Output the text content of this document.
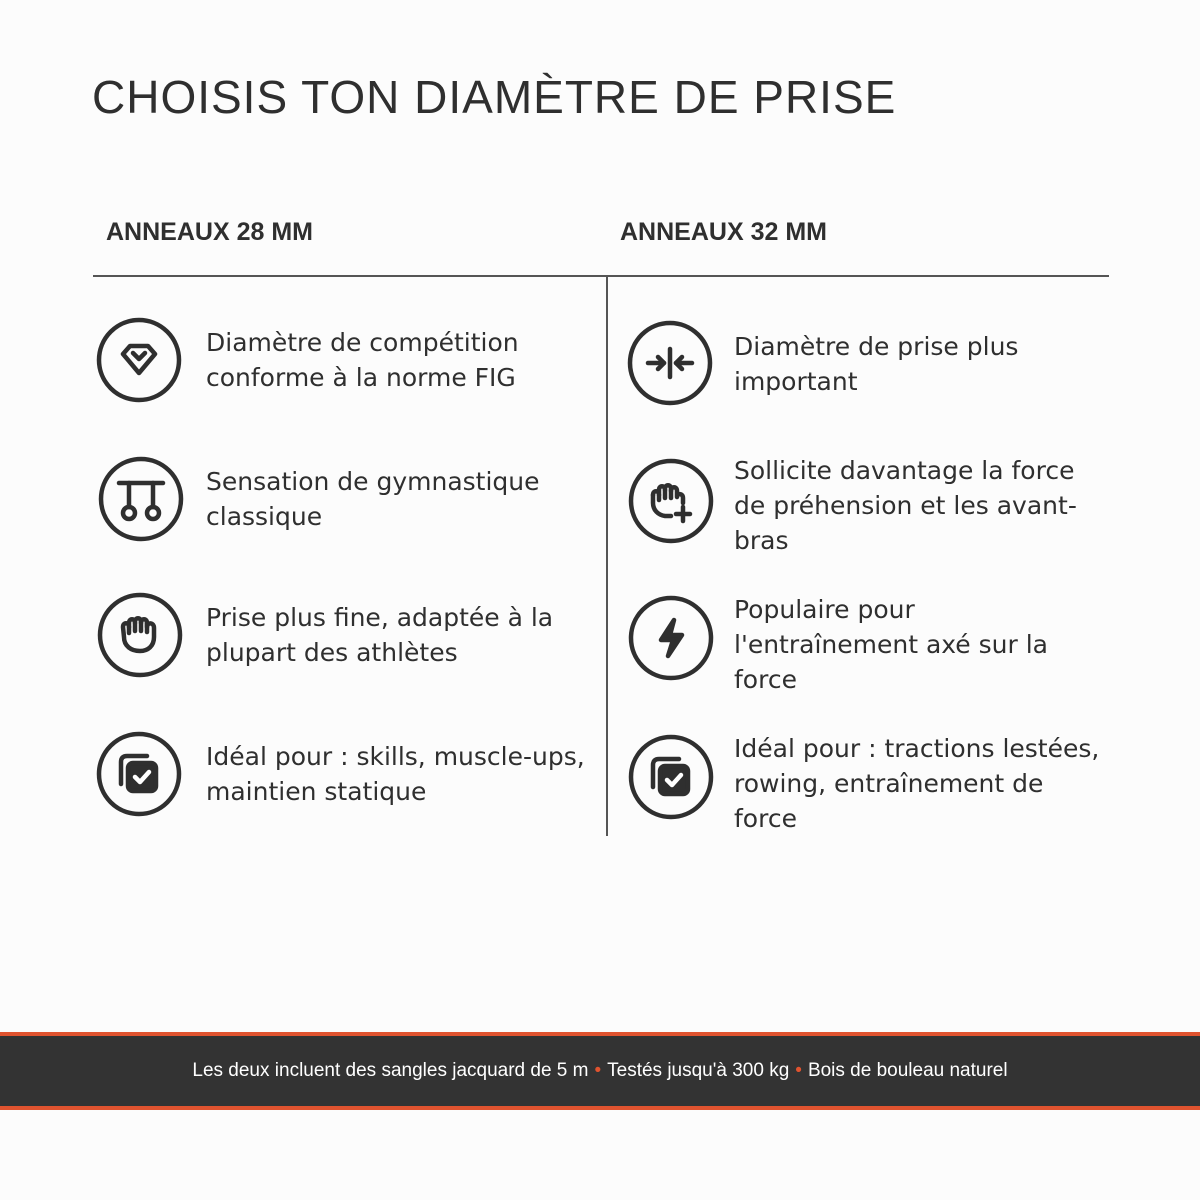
CHOISIS TON DIAMÈTRE DE PRISE
ANNEAUX 28 MM	ANNEAUX 32 MM
Diamètre de compétition conforme à la norme FIG
Sensation de gymnastique classique
Prise plus fine, adaptée à la plupart des athlètes
Idéal pour : skills, muscle-ups, maintien statique
Diamètre de prise plus important
Sollicite davantage la force de préhension et les avant-bras
Populaire pour l'entraînement axé sur la force
Idéal pour : tractions lestées, rowing, entraînement de force
Les deux incluent des sangles jacquard de 5 m • Testés jusqu'à 300 kg • Bois de bouleau naturel
